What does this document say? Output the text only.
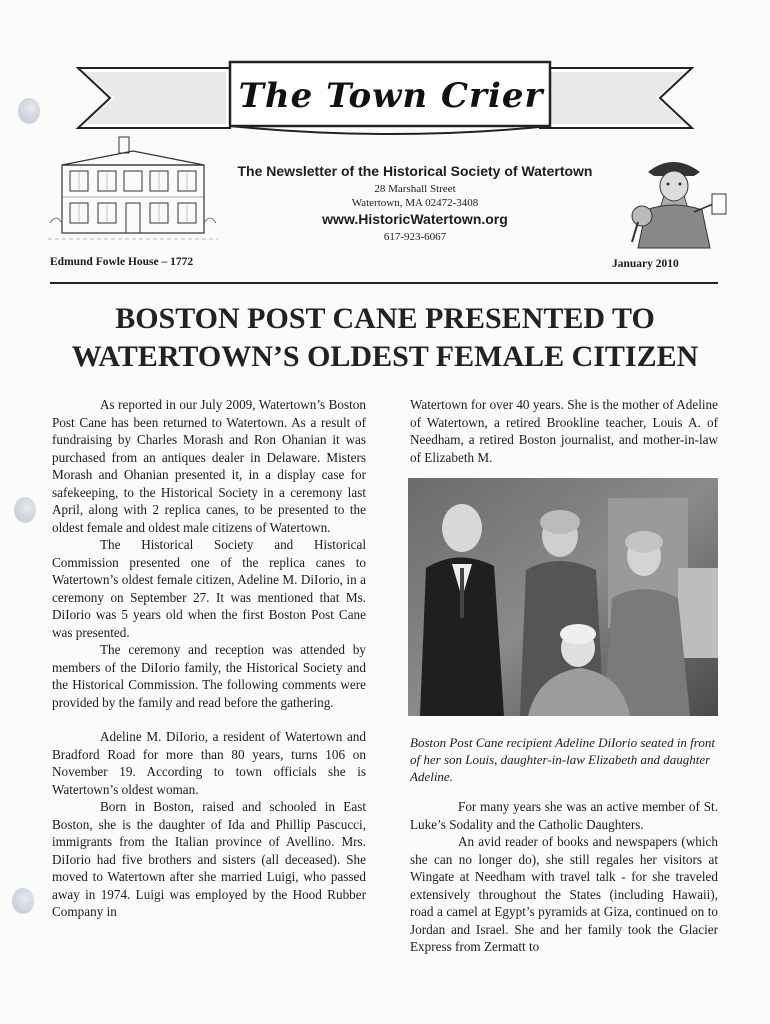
The Town Crier
Edmund Fowle House – 1772
The Newsletter of the Historical Society of Watertown
28 Marshall Street
Watertown, MA 02472-3408
www.HistoricWatertown.org
617-923-6067
January 2010
BOSTON POST CANE PRESENTED TO
WATERTOWN’S OLDEST FEMALE CITIZEN

As reported in our July 2009, Watertown’s Boston Post Cane has been returned to Watertown. As a result of fundraising by Charles Morash and Ron Ohanian it was purchased from an antiques dealer in Delaware. Misters Morash and Ohanian presented it, in a display case for safekeeping, to the Historical Society in a ceremony last April, along with 2 replica canes, to be presented to the oldest female and oldest male citizens of Watertown.

The Historical Society and Historical Commission presented one of the replica canes to Watertown’s oldest female citizen, Adeline M. DiIorio, in a ceremony on September 27. It was mentioned that Ms. DiIorio was 5 years old when the first Boston Post Cane was presented.

The ceremony and reception was attended by members of the DiIorio family, the Historical Society and the Historical Commission. The following comments were provided by the family and read before the gathering.

Adeline M. DiIorio, a resident of Watertown and Bradford Road for more than 80 years, turns 106 on November 19. According to town officials she is Watertown’s oldest woman.

Born in Boston, raised and schooled in East Boston, she is the daughter of Ida and Phillip Pascucci, immigrants from the Italian province of Avellino. Mrs. DiIorio had five brothers and sisters (all deceased). She moved to Watertown after she married Luigi, who passed away in 1974. Luigi was employed by the Hood Rubber Company in

Watertown for over 40 years. She is the mother of Adeline of Watertown, a retired Brookline teacher, Louis A. of Needham, a retired Boston journalist, and mother-in-law of Elizabeth M.

Boston Post Cane recipient Adeline DiIorio seated in front of her son Louis, daughter-in-law Elizabeth and daughter Adeline.

For many years she was an active member of St. Luke’s Sodality and the Catholic Daughters.

An avid reader of books and newspapers (which she can no longer do), she still regales her visitors at Wingate at Needham with travel talk - for she traveled extensively throughout the States (including Hawaii), road a camel at Egypt’s pyramids at Giza, continued on to Jordan and Israel. She and her family took the Glacier Express from Zermatt to
